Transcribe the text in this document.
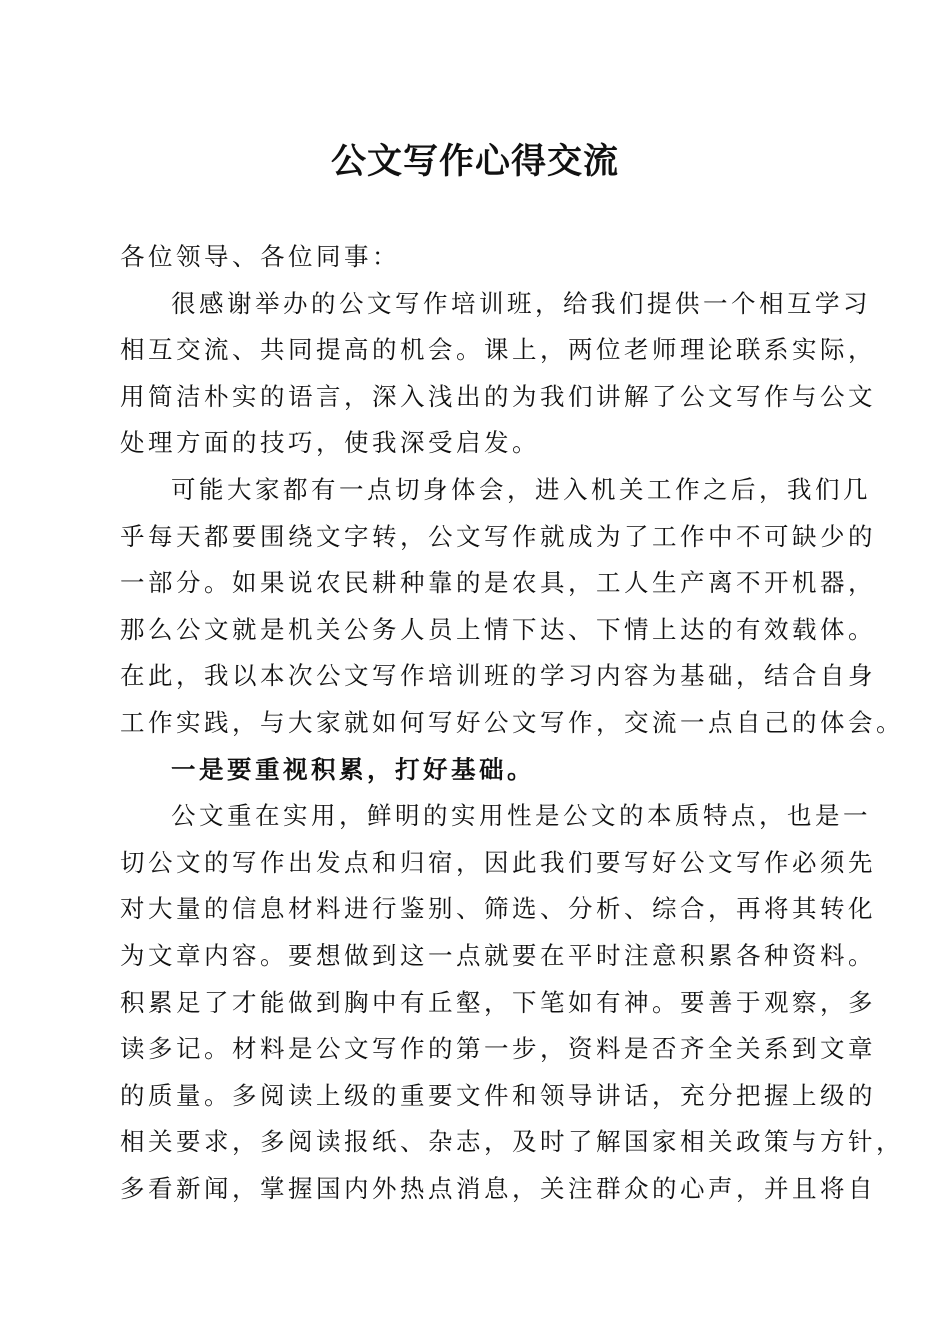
公文写作心得交流
各位领导、各位同事：
很感谢举办的公文写作培训班，给我们提供一个相互学习
相互交流、共同提高的机会。课上，两位老师理论联系实际，
用简洁朴实的语言，深入浅出的为我们讲解了公文写作与公文
处理方面的技巧，使我深受启发。
可能大家都有一点切身体会，进入机关工作之后，我们几
乎每天都要围绕文字转，公文写作就成为了工作中不可缺少的
一部分。如果说农民耕种靠的是农具，工人生产离不开机器，
那么公文就是机关公务人员上情下达、下情上达的有效载体。
在此，我以本次公文写作培训班的学习内容为基础，结合自身
工作实践，与大家就如何写好公文写作，交流一点自己的体会。
一是要重视积累，打好基础。
公文重在实用，鲜明的实用性是公文的本质特点，也是一
切公文的写作出发点和归宿，因此我们要写好公文写作必须先
对大量的信息材料进行鉴别、筛选、分析、综合，再将其转化
为文章内容。要想做到这一点就要在平时注意积累各种资料。
积累足了才能做到胸中有丘壑，下笔如有神。要善于观察，多
读多记。材料是公文写作的第一步，资料是否齐全关系到文章
的质量。多阅读上级的重要文件和领导讲话，充分把握上级的
相关要求，多阅读报纸、杂志，及时了解国家相关政策与方针，
多看新闻，掌握国内外热点消息，关注群众的心声，并且将自
